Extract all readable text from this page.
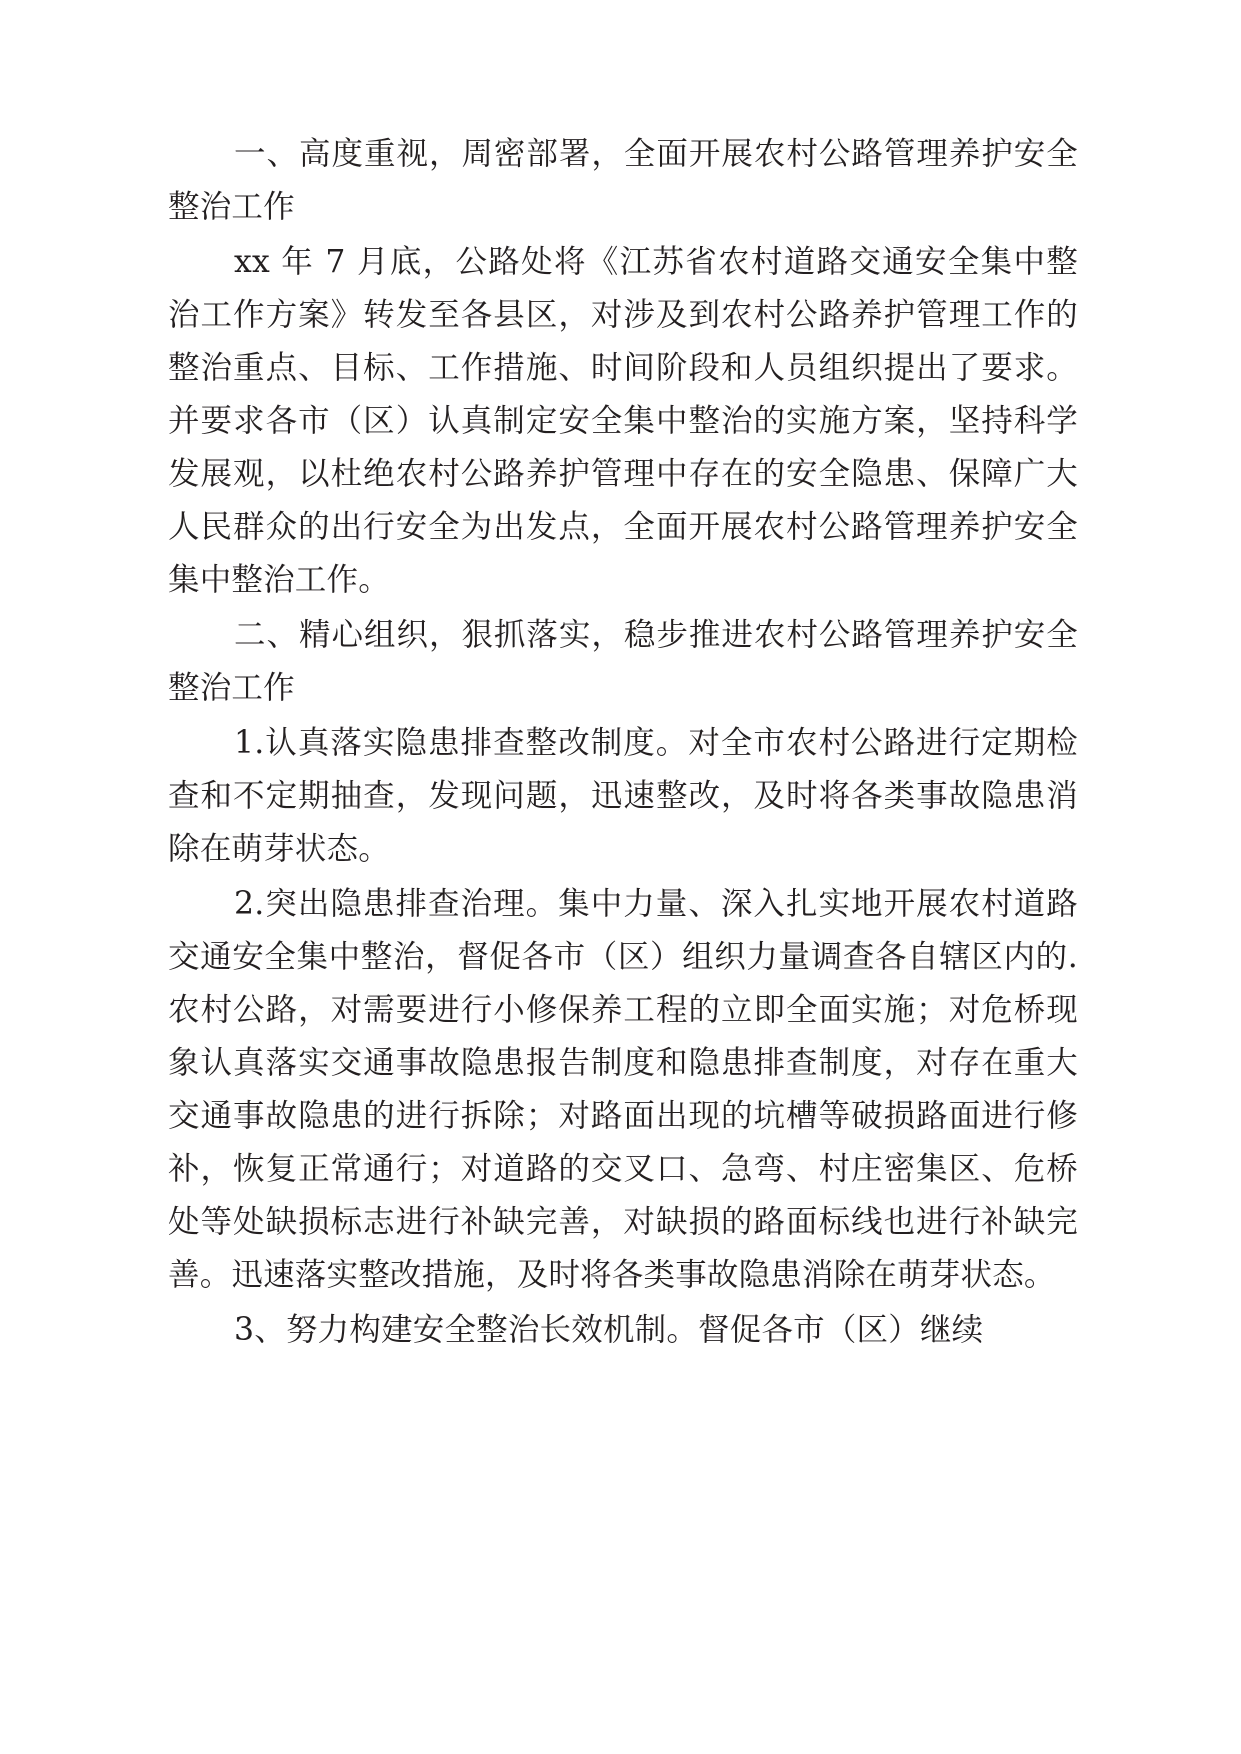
一、高度重视，周密部署，全面开展农村公路管理养护安全整治工作

xx 年 7 月底，公路处将《江苏省农村道路交通安全集中整治工作方案》转发至各县区，对涉及到农村公路养护管理工作的整治重点、目标、工作措施、时间阶段和人员组织提出了要求。并要求各市（区）认真制定安全集中整治的实施方案，坚持科学发展观，以杜绝农村公路养护管理中存在的安全隐患、保障广大人民群众的出行安全为出发点，全面开展农村公路管理养护安全集中整治工作。

二、精心组织，狠抓落实，稳步推进农村公路管理养护安全整治工作

1.认真落实隐患排查整改制度。对全市农村公路进行定期检查和不定期抽查，发现问题，迅速整改，及时将各类事故隐患消除在萌芽状态。

2.突出隐患排查治理。集中力量、深入扎实地开展农村道路交通安全集中整治，督促各市（区）组织力量调查各自辖区内的.农村公路，对需要进行小修保养工程的立即全面实施；对危桥现象认真落实交通事故隐患报告制度和隐患排查制度，对存在重大交通事故隐患的进行拆除；对路面出现的坑槽等破损路面进行修补，恢复正常通行；对道路的交叉口、急弯、村庄密集区、危桥处等处缺损标志进行补缺完善，对缺损的路面标线也进行补缺完善。迅速落实整改措施，及时将各类事故隐患消除在萌芽状态。

3、努力构建安全整治长效机制。督促各市（区）继续
